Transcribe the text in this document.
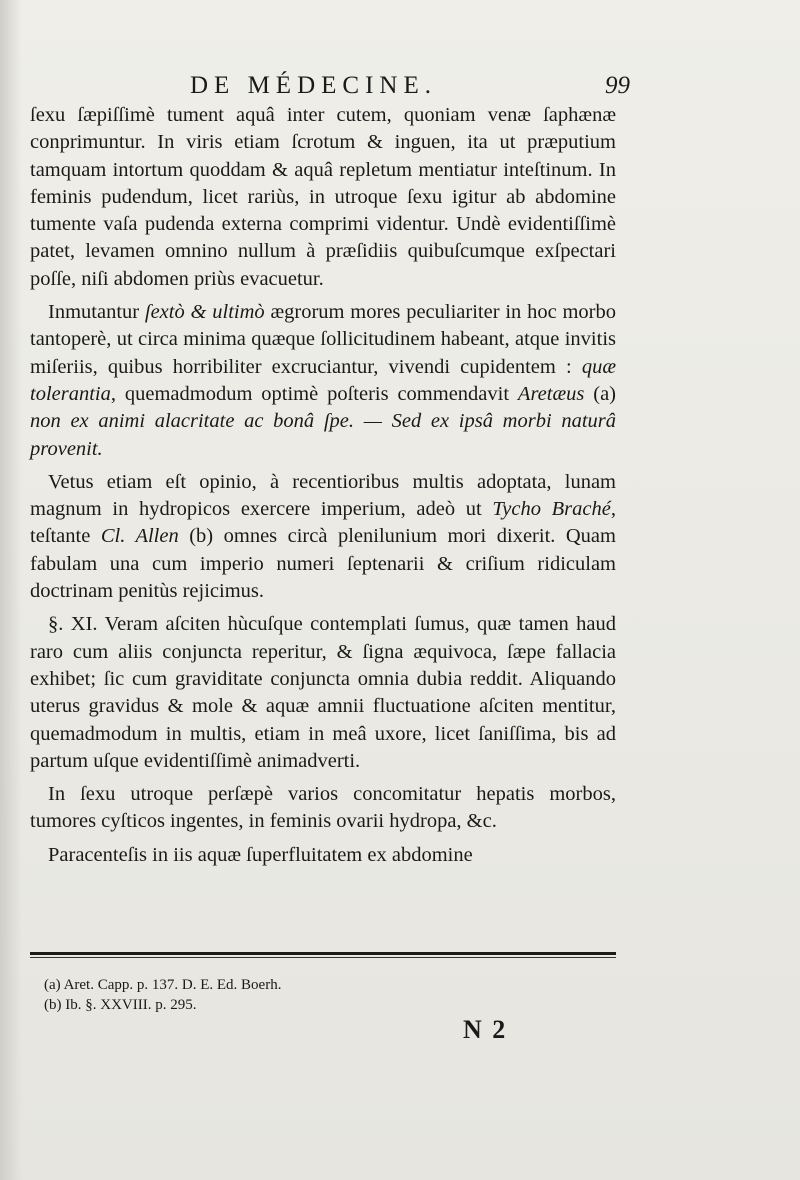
DE MÉDECINE.	99

ſexu ſæpiſſimè tument aquâ inter cutem, quoniam venæ ſaphænæ conprimuntur. In viris etiam ſcrotum & inguen, ita ut præputium tamquam intortum quoddam & aquâ repletum mentiatur inteſtinum. In feminis pudendum, licet rariùs, in utroque ſexu igitur ab abdomine tumente vaſa pudenda externa comprimi videntur. Undè evidentiſſimè patet, levamen omnino nullum à præſidiis quibuſcumque exſpectari poſſe, niſi abdomen priùs evacuetur.

Inmutantur ſextò & ultimò ægrorum mores peculiariter in hoc morbo tantoperè, ut circa minima quæque ſollicitudinem habeant, atque invitis miſeriis, quibus horribiliter excruciantur, vivendi cupidentem : quæ tolerantia, quemadmodum optimè poſteris commendavit Aretæus (a) non ex animi alacritate ac bonâ ſpe. — Sed ex ipsâ morbi naturâ provenit.

Vetus etiam eſt opinio, à recentioribus multis adoptata, lunam magnum in hydropicos exercere imperium, adeò ut Tycho Braché, teſtante Cl. Allen (b) omnes circà plenilunium mori dixerit. Quam fabulam una cum imperio numeri ſeptenarii & criſium ridiculam doctrinam penitùs rejicimus.

§. XI. Veram aſciten hùcuſque contemplati ſumus, quæ tamen haud raro cum aliis conjuncta reperitur, & ſigna æquivoca, ſæpe fallacia exhibet; ſic cum graviditate conjuncta omnia dubia reddit. Aliquando uterus gravidus & mole & aquæ amnii fluctuatione aſciten mentitur, quemadmodum in multis, etiam in meâ uxore, licet ſaniſſima, bis ad partum uſque evidentiſſimè animadverti.

In ſexu utroque perſæpè varios concomitatur hepatis morbos, tumores cyſticos ingentes, in feminis ovarii hydropa, &c.

Paracenteſis in iis aquæ ſuperfluitatem ex abdomine

(a) Aret. Capp. p. 137. D. E. Ed. Boerh.
(b) Ib. §. XXVIII. p. 295.
N 2
